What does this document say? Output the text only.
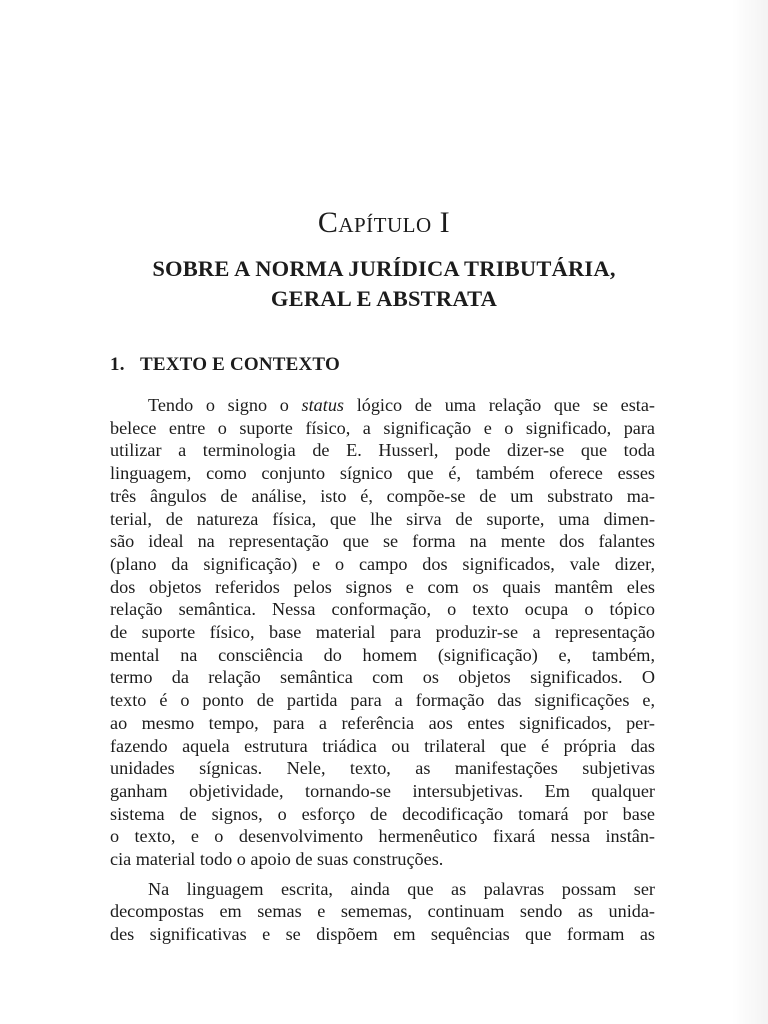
Capítulo I
SOBRE A NORMA JURÍDICA TRIBUTÁRIA,
GERAL E ABSTRATA
1. TEXTO E CONTEXTO
Tendo o signo o status lógico de uma relação que se esta-
belece entre o suporte físico, a significação e o significado, para
utilizar a terminologia de E. Husserl, pode dizer-se que toda
linguagem, como conjunto sígnico que é, também oferece esses
três ângulos de análise, isto é, compõe-se de um substrato ma-
terial, de natureza física, que lhe sirva de suporte, uma dimen-
são ideal na representação que se forma na mente dos falantes
(plano da significação) e o campo dos significados, vale dizer,
dos objetos referidos pelos signos e com os quais mantêm eles
relação semântica. Nessa conformação, o texto ocupa o tópico
de suporte físico, base material para produzir-se a representação
mental na consciência do homem (significação) e, também,
termo da relação semântica com os objetos significados. O
texto é o ponto de partida para a formação das significações e,
ao mesmo tempo, para a referência aos entes significados, per-
fazendo aquela estrutura triádica ou trilateral que é própria das
unidades sígnicas. Nele, texto, as manifestações subjetivas
ganham objetividade, tornando-se intersubjetivas. Em qualquer
sistema de signos, o esforço de decodificação tomará por base
o texto, e o desenvolvimento hermenêutico fixará nessa instân-
cia material todo o apoio de suas construções.
Na linguagem escrita, ainda que as palavras possam ser
decompostas em semas e sememas, continuam sendo as unida-
des significativas e se dispõem em sequências que formam as
